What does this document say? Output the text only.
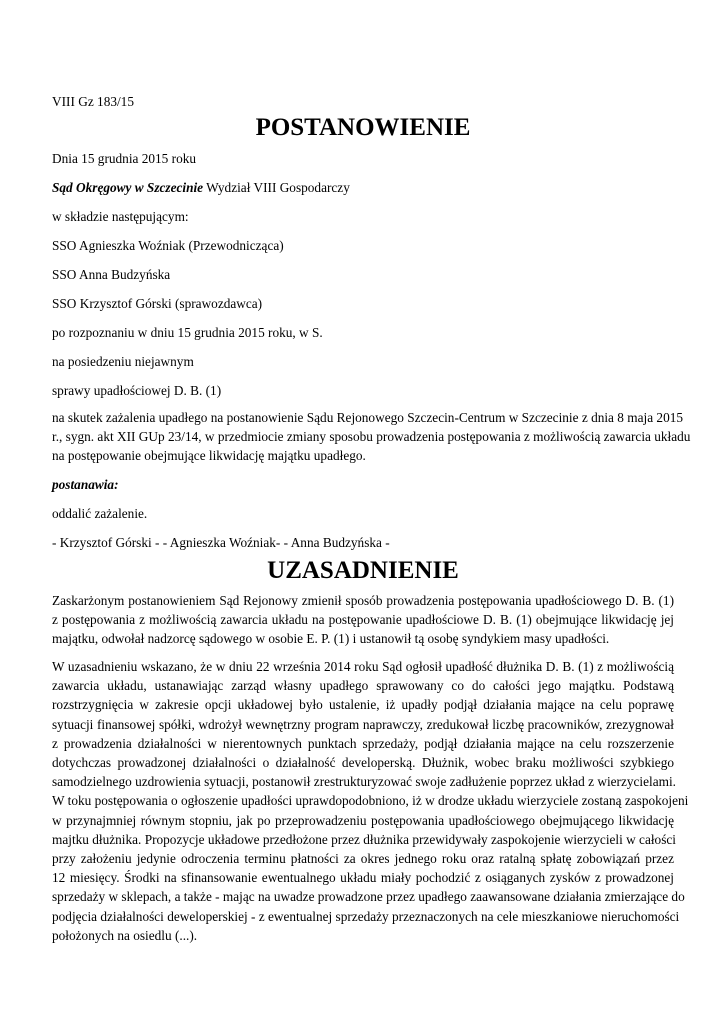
VIII Gz 183/15

POSTANOWIENIE

Dnia 15 grudnia 2015 roku

Sąd Okręgowy w Szczecinie Wydział VIII Gospodarczy

w składzie następującym:

SSO Agnieszka Woźniak (Przewodnicząca)

SSO Anna Budzyńska

SSO Krzysztof Górski (sprawozdawca)

po rozpoznaniu w dniu 15 grudnia 2015 roku, w S.

na posiedzeniu niejawnym

sprawy upadłościowej D. B. (1)

na skutek zażalenia upadłego na postanowienie Sądu Rejonowego Szczecin-Centrum w Szczecinie z dnia 8 maja 2015
r., sygn. akt XII GUp 23/14, w przedmiocie zmiany sposobu prowadzenia postępowania z możliwością zawarcia układu
na postępowanie obejmujące likwidację majątku upadłego.

postanawia:

oddalić zażalenie.

- Krzysztof Górski - - Agnieszka Woźniak- - Anna Budzyńska -

UZASADNIENIE
Zaskarżonym postanowieniem Sąd Rejonowy zmienił sposób prowadzenia postępowania upadłościowego D. B. (1)
z postępowania z możliwością zawarcia układu na postępowanie upadłościowe D. B. (1) obejmujące likwidację jej
majątku, odwołał nadzorcę sądowego w osobie E. P. (1) i ustanowił tą osobę syndykiem masy upadłości.
W uzasadnieniu wskazano, że w dniu 22 września 2014 roku Sąd ogłosił upadłość dłużnika D. B. (1) z możliwością
zawarcia układu, ustanawiając zarząd własny upadłego sprawowany co do całości jego majątku. Podstawą
rozstrzygnięcia w zakresie opcji układowej było ustalenie, iż upadły podjął działania mające na celu poprawę
sytuacji finansowej spółki, wdrożył wewnętrzny program naprawczy, zredukował liczbę pracowników, zrezygnował
z prowadzenia działalności w nierentownych punktach sprzedaży, podjął działania mające na celu rozszerzenie
dotychczas prowadzonej działalności o działalność developerską. Dłużnik, wobec braku możliwości szybkiego
samodzielnego uzdrowienia sytuacji, postanowił zrestrukturyzować swoje zadłużenie poprzez układ z wierzycielami.
W toku postępowania o ogłoszenie upadłości uprawdopodobniono, iż w drodze układu wierzyciele zostaną zaspokojeni
w przynajmniej równym stopniu, jak po przeprowadzeniu postępowania upadłościowego obejmującego likwidację
majtku dłużnika. Propozycje układowe przedłożone przez dłużnika przewidywały zaspokojenie wierzycieli w całości
przy założeniu jedynie odroczenia terminu płatności za okres jednego roku oraz ratalną spłatę zobowiązań przez
12 miesięcy. Środki na sfinansowanie ewentualnego układu miały pochodzić z osiąganych zysków z prowadzonej
sprzedaży w sklepach, a także - mając na uwadze prowadzone przez upadłego zaawansowane działania zmierzające do
podjęcia działalności deweloperskiej - z ewentualnej sprzedaży przeznaczonych na cele mieszkaniowe nieruchomości
położonych na osiedlu (...).
